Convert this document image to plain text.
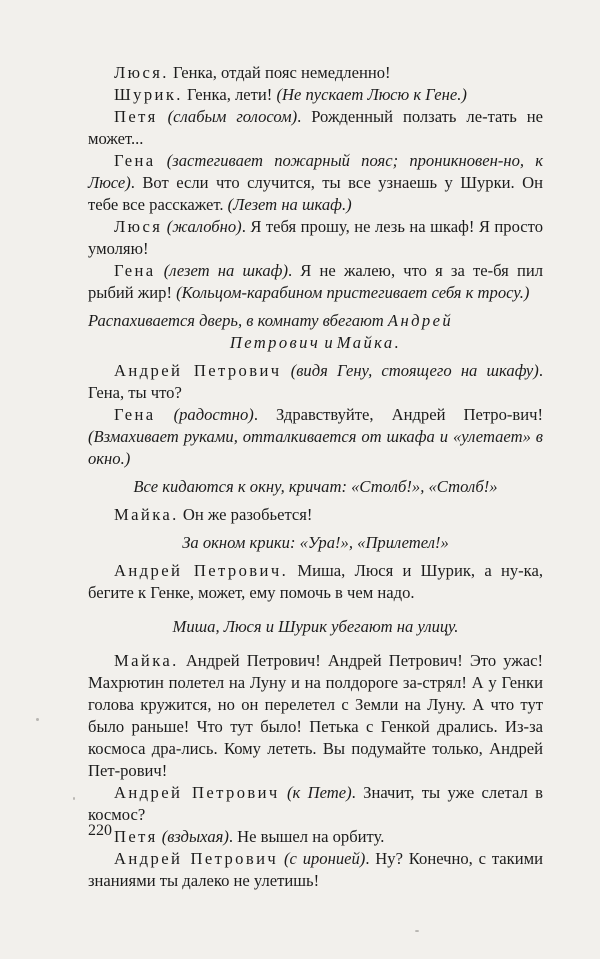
Люся. Генка, отдай пояс немедленно!

Шурик. Генка, лети! (Не пускает Люсю к Гене.)

Петя (слабым голосом). Рожденный ползать ле-тать не может...

Гена (застегивает пожарный пояс; проникновен-но, к Люсе). Вот если что случится, ты все узнаешь у Шурки. Он тебе все расскажет. (Лезет на шкаф.)

Люся (жалобно). Я тебя прошу, не лезь на шкаф! Я просто умоляю!

Гена (лезет на шкаф). Я не жалею, что я за те-бя пил рыбий жир! (Кольцом-карабином пристегивает себя к тросу.)

Распахивается дверь, в комнату вбегают Андрей

Петрович и Майка.

Андрей Петрович (видя Гену, стоящего на шкафу). Гена, ты что?

Гена (радостно). Здравствуйте, Андрей Петро-вич! (Взмахивает руками, отталкивается от шкафа и «улетает» в окно.)

Все кидаются к окну, кричат: «Столб!», «Столб!»

Майка. Он же разобьется!

За окном крики: «Ура!», «Прилетел!»

Андрей Петрович. Миша, Люся и Шурик, а ну-ка, бегите к Генке, может, ему помочь в чем надо.

Миша, Люся и Шурик убегают на улицу.

Майка. Андрей Петрович! Андрей Петрович! Это ужас! Махрютин полетел на Луну и на полдороге за-стрял! А у Генки голова кружится, но он перелетел с Земли на Луну. А что тут было раньше! Что тут было! Петька с Генкой дрались. Из-за космоса дра-лись. Кому лететь. Вы подумайте только, Андрей Пет-рович!

Андрей Петрович (к Пете). Значит, ты уже слетал в космос?

Петя (вздыхая). Не вышел на орбиту.

Андрей Петрович (с иронией). Ну? Конечно, с такими знаниями ты далеко не улетишь!

220
